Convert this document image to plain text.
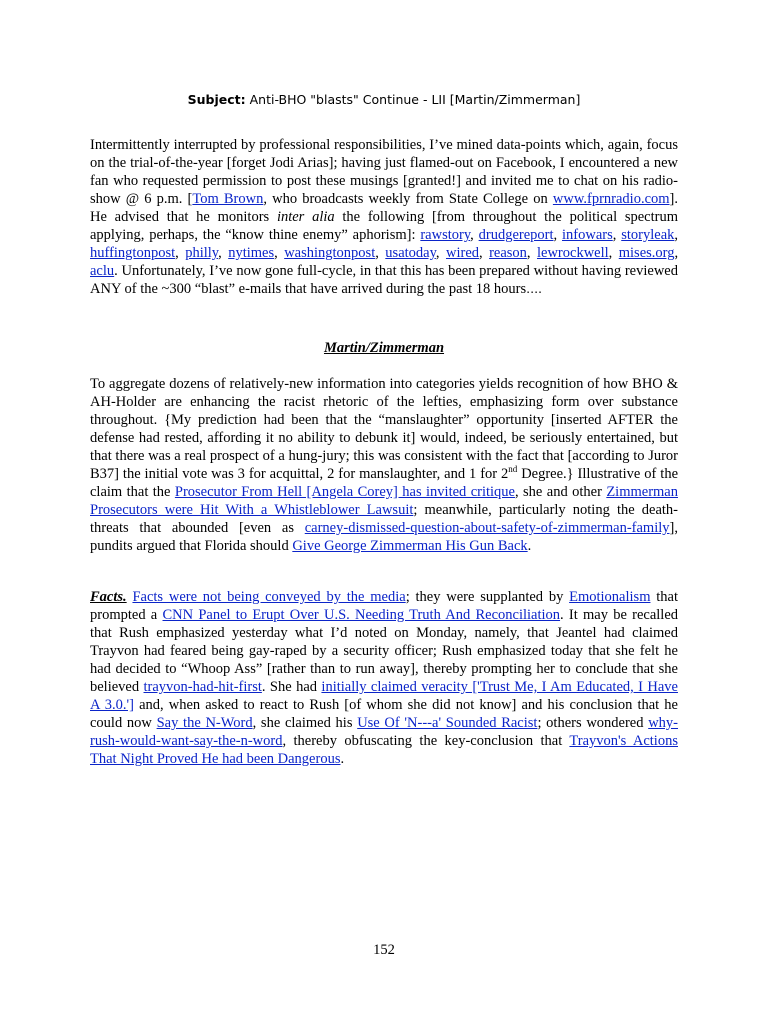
Subject: Anti-BHO "blasts" Continue - LII [Martin/Zimmerman]

Intermittently interrupted by professional responsibilities, I’ve mined data-points which, again, focus on the trial-of-the-year [forget Jodi Arias]; having just flamed-out on Facebook, I encountered a new fan who requested permission to post these musings [granted!] and invited me to chat on his radio-show @ 6 p.m. [Tom Brown, who broadcasts weekly from State College on www.fprnradio.com]. He advised that he monitors inter alia the following [from throughout the political spectrum applying, perhaps, the “know thine enemy” aphorism]: rawstory, drudgereport, infowars, storyleak, huffingtonpost, philly, nytimes, washingtonpost, usatoday, wired, reason, lewrockwell, mises.org, aclu. Unfortunately, I’ve now gone full-cycle, in that this has been prepared without having reviewed ANY of the ~300 “blast” e-mails that have arrived during the past 18 hours….

Martin/Zimmerman

To aggregate dozens of relatively-new information into categories yields recognition of how BHO & AH-Holder are enhancing the racist rhetoric of the lefties, emphasizing form over substance throughout. {My prediction had been that the “manslaughter” opportunity [inserted AFTER the defense had rested, affording it no ability to debunk it] would, indeed, be seriously entertained, but that there was a real prospect of a hung-jury; this was consistent with the fact that [according to Juror B37] the initial vote was 3 for acquittal, 2 for manslaughter, and 1 for 2nd Degree.} Illustrative of the claim that the Prosecutor From Hell [Angela Corey] has invited critique, she and other Zimmerman Prosecutors were Hit With a Whistleblower Lawsuit; meanwhile, particularly noting the death-threats that abounded [even as carney-dismissed-question-about-safety-of-zimmerman-family], pundits argued that Florida should Give George Zimmerman His Gun Back.

Facts. Facts were not being conveyed by the media; they were supplanted by Emotionalism that prompted a CNN Panel to Erupt Over U.S. Needing Truth And Reconciliation. It may be recalled that Rush emphasized yesterday what I’d noted on Monday, namely, that Jeantel had claimed Trayvon had feared being gay-raped by a security officer; Rush emphasized today that she felt he had decided to “Whoop Ass” [rather than to run away], thereby prompting her to conclude that she believed trayvon-had-hit-first. She had initially claimed veracity ['Trust Me, I Am Educated, I Have A 3.0.'] and, when asked to react to Rush [of whom she did not know] and his conclusion that he could now Say the N-Word, she claimed his Use Of 'N---a' Sounded Racist; others wondered why-rush-would-want-say-the-n-word, thereby obfuscating the key-conclusion that Trayvon's Actions That Night Proved He had been Dangerous.

152
